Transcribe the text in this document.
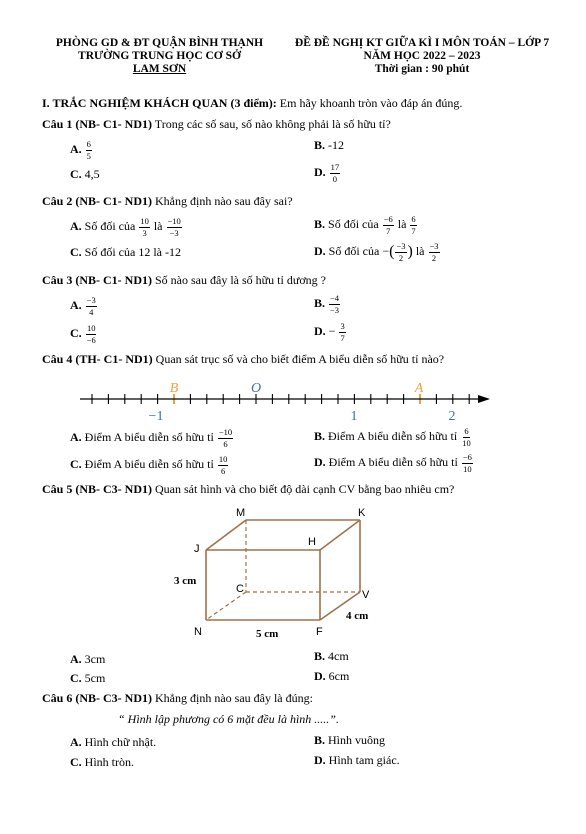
PHÒNG GD & ĐT QUẬN BÌNH THẠNH
TRƯỜNG TRUNG HỌC CƠ SỞ
LAM SƠN
ĐỀ ĐỀ NGHỊ KT GIỮA KÌ I MÔN TOÁN – LỚP 7
NĂM HỌC 2022 – 2023
Thời gian : 90 phút
I. TRẮC NGHIỆM KHÁCH QUAN (3 điểm): Em hãy khoanh tròn vào đáp án đúng.
Câu 1 (NB- C1- ND1) Trong các số sau, số nào không phải là số hữu tỉ?
A. $\frac{6}{5}$	B. -12
C. 4,5	D. $\frac{17}{0}$
Câu 2 (NB- C1- ND1) Khẳng định nào sau đây sai?
A. Số đối của $\frac{10}{3}$ là $\frac{-10}{-3}$	B. Số đối của $\frac{-6}{7}$ là $\frac{6}{7}$
C. Số đối của 12 là -12	D. Số đối của −( $\frac{-3}{2}$ ) là $\frac{-3}{2}$
Câu 3 (NB- C1- ND1) Số nào sau đây là số hữu tỉ dương ?
A. $\frac{-3}{4}$	B. $\frac{-4}{-3}$
C. $\frac{10}{-6}$	D. − $\frac{3}{7}$
Câu 4 (TH- C1- ND1) Quan sát trục số và cho biết điểm A biểu diễn số hữu tỉ nào?
B	O	A
−1	1	2
A. Điểm A biểu diễn số hữu tỉ $\frac{-10}{6}$	B. Điểm A biểu diễn số hữu tỉ $\frac{6}{10}$
C. Điểm A biểu diễn số hữu tỉ $\frac{10}{6}$	D. Điểm A biểu diễn số hữu tỉ $\frac{-6}{10}$
Câu 5 (NB- C3- ND1) Quan sát hình và cho biết độ dài cạnh CV bằng bao nhiêu cm?
M	K
J
H
C	V
N	F
3 cm
5 cm
4 cm
A. 3cm	B. 4cm
C. 5cm	D. 6cm
Câu 6 (NB- C3- ND1) Khẳng định nào sau đây là đúng:
“ Hình lập phương có 6 mặt đều là hình .....”.
A. Hình chữ nhật.	B. Hình vuông
C. Hình tròn.	D. Hình tam giác.
